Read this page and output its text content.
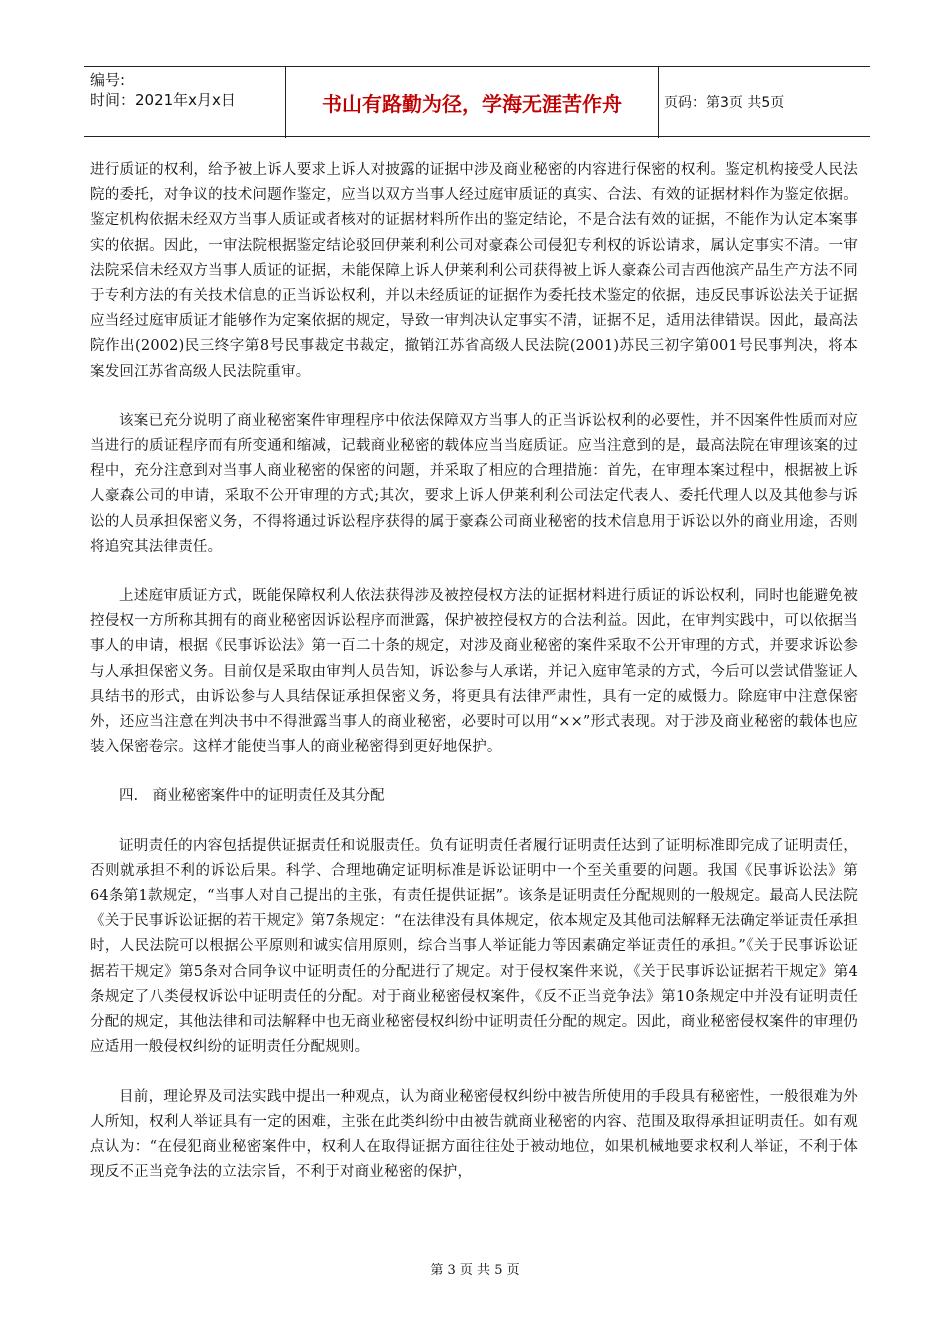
编号:
时间：2021年x月x日	书山有路勤为径，学海无涯苦作舟	页码：第3页 共5页

进行质证的权利，给予被上诉人要求上诉人对披露的证据中涉及商业秘密的内容进行保密的权利。鉴定机构接受人民法院的委托，对争议的技术问题作鉴定，应当以双方当事人经过庭审质证的真实、合法、有效的证据材料作为鉴定依据。鉴定机构依据未经双方当事人质证或者核对的证据材料所作出的鉴定结论，不是合法有效的证据，不能作为认定本案事实的依据。因此，一审法院根据鉴定结论驳回伊莱利利公司对豪森公司侵犯专利权的诉讼请求，属认定事实不清。一审法院采信未经双方当事人质证的证据，未能保障上诉人伊莱利利公司获得被上诉人豪森公司吉西他滨产品生产方法不同于专利方法的有关技术信息的正当诉讼权利，并以未经质证的证据作为委托技术鉴定的依据，违反民事诉讼法关于证据应当经过庭审质证才能够作为定案依据的规定，导致一审判决认定事实不清，证据不足，适用法律错误。因此，最高法院作出(2002)民三终字第8号民事裁定书裁定，撤销江苏省高级人民法院(2001)苏民三初字第001号民事判决，将本案发回江苏省高级人民法院重审。

该案已充分说明了商业秘密案件审理程序中依法保障双方当事人的正当诉讼权利的必要性，并不因案件性质而对应当进行的质证程序而有所变通和缩减，记载商业秘密的载体应当当庭质证。应当注意到的是，最高法院在审理该案的过程中，充分注意到对当事人商业秘密的保密的问题，并采取了相应的合理措施：首先，在审理本案过程中，根据被上诉人豪森公司的申请，采取不公开审理的方式;其次，要求上诉人伊莱利利公司法定代表人、委托代理人以及其他参与诉讼的人员承担保密义务，不得将通过诉讼程序获得的属于豪森公司商业秘密的技术信息用于诉讼以外的商业用途，否则将追究其法律责任。

上述庭审质证方式，既能保障权利人依法获得涉及被控侵权方法的证据材料进行质证的诉讼权利，同时也能避免被控侵权一方所称其拥有的商业秘密因诉讼程序而泄露，保护被控侵权方的合法利益。因此，在审判实践中，可以依据当事人的申请，根据《民事诉讼法》第一百二十条的规定，对涉及商业秘密的案件采取不公开审理的方式，并要求诉讼参与人承担保密义务。目前仅是采取由审判人员告知，诉讼参与人承诺，并记入庭审笔录的方式，今后可以尝试借鉴证人具结书的形式，由诉讼参与人具结保证承担保密义务，将更具有法律严肃性，具有一定的威慑力。除庭审中注意保密外，还应当注意在判决书中不得泄露当事人的商业秘密，必要时可以用“××”形式表现。对于涉及商业秘密的载体也应装入保密卷宗。这样才能使当事人的商业秘密得到更好地保护。

四. 商业秘密案件中的证明责任及其分配

证明责任的内容包括提供证据责任和说服责任。负有证明责任者履行证明责任达到了证明标准即完成了证明责任，否则就承担不利的诉讼后果。科学、合理地确定证明标准是诉讼证明中一个至关重要的问题。我国《民事诉讼法》第64条第1款规定，“当事人对自己提出的主张，有责任提供证据”。该条是证明责任分配规则的一般规定。最高人民法院《关于民事诉讼证据的若干规定》第7条规定：“在法律没有具体规定，依本规定及其他司法解释无法确定举证责任承担时，人民法院可以根据公平原则和诚实信用原则，综合当事人举证能力等因素确定举证责任的承担。”《关于民事诉讼证据若干规定》第5条对合同争议中证明责任的分配进行了规定。对于侵权案件来说，《关于民事诉讼证据若干规定》第4条规定了八类侵权诉讼中证明责任的分配。对于商业秘密侵权案件，《反不正当竞争法》第10条规定中并没有证明责任分配的规定，其他法律和司法解释中也无商业秘密侵权纠纷中证明责任分配的规定。因此，商业秘密侵权案件的审理仍应适用一般侵权纠纷的证明责任分配规则。

目前，理论界及司法实践中提出一种观点，认为商业秘密侵权纠纷中被告所使用的手段具有秘密性，一般很难为外人所知，权利人举证具有一定的困难，主张在此类纠纷中由被告就商业秘密的内容、范围及取得承担证明责任。如有观点认为：“在侵犯商业秘密案件中，权利人在取得证据方面往往处于被动地位，如果机械地要求权利人举证，不利于体现反不正当竞争法的立法宗旨，不利于对商业秘密的保护，

第 3 页 共 5 页
